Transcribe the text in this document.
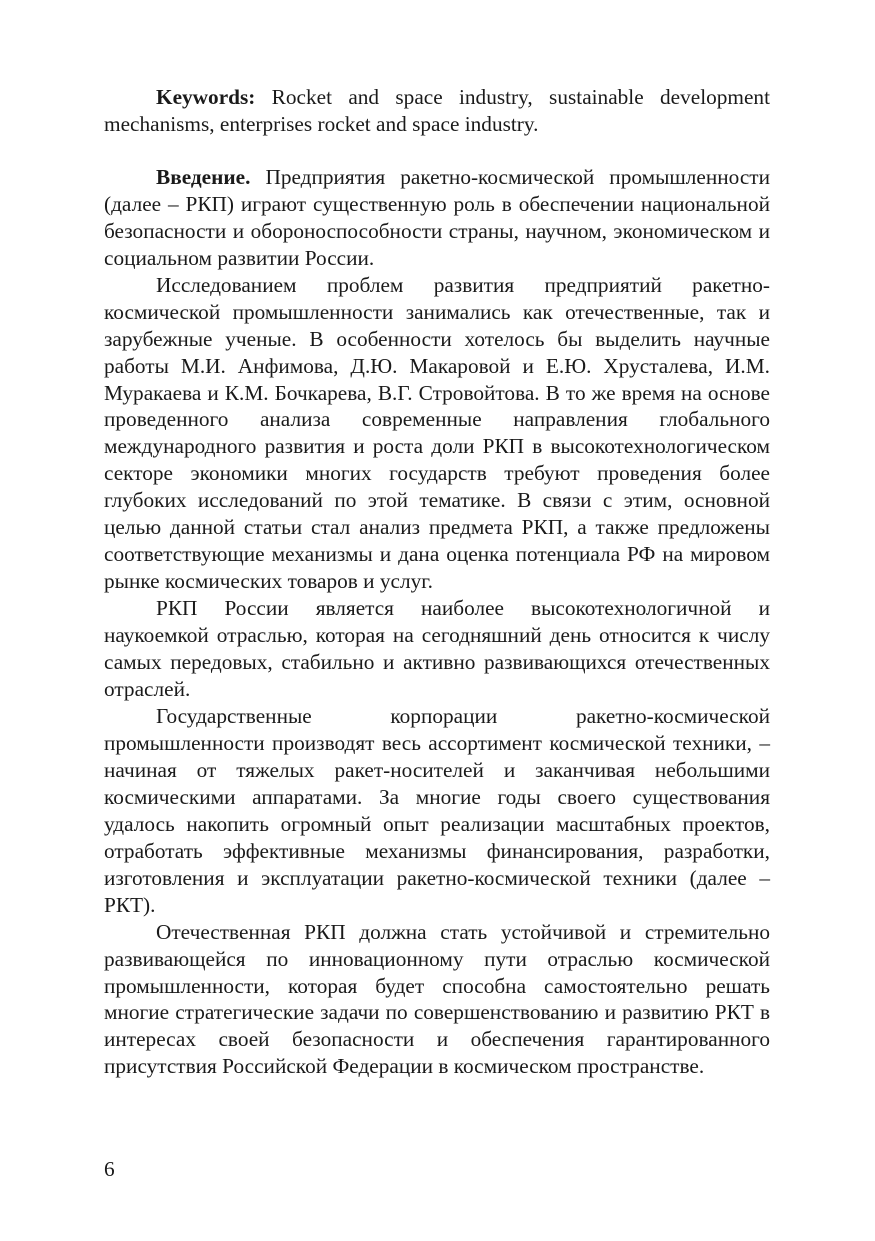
Keywords: Rocket and space industry, sustainable development mechanisms, enterprises rocket and space industry.

Введение. Предприятия ракетно-космической промышленности (далее – РКП) играют существенную роль в обеспечении национальной безопасности и обороноспособности страны, научном, экономическом и социальном развитии России.

Исследованием проблем развития предприятий ракетно-космической промышленности занимались как отечественные, так и зарубежные ученые. В особенности хотелось бы выделить научные работы М.И. Анфимова, Д.Ю. Макаровой и Е.Ю. Хрусталева, И.М. Муракаева и К.М. Бочкарева, В.Г. Стровойтова. В то же время на основе проведенного анализа современные направления глобального международного развития и роста доли РКП в высокотехнологическом секторе экономики многих государств требуют проведения более глубоких исследований по этой тематике. В связи с этим, основной целью данной статьи стал анализ предмета РКП, а также предложены соответствующие механизмы и дана оценка потенциала РФ на мировом рынке космических товаров и услуг.

РКП России является наиболее высокотехнологичной и наукоемкой отраслью, которая на сегодняшний день относится к числу самых передовых, стабильно и активно развивающихся отечественных отраслей.

Государственные корпорации ракетно-космической промышленности производят весь ассортимент космической техники, – начиная от тяжелых ракет-носителей и заканчивая небольшими космическими аппаратами. За многие годы своего существования удалось накопить огромный опыт реализации масштабных проектов, отработать эффективные механизмы финансирования, разработки, изготовления и эксплуатации ракетно-космической техники (далее – РКТ).

Отечественная РКП должна стать устойчивой и стремительно развивающейся по инновационному пути отраслью космической промышленности, которая будет способна самостоятельно решать многие стратегические задачи по совершенствованию и развитию РКТ в интересах своей безопасности и обеспечения гарантированного присутствия Российской Федерации в космическом пространстве.

6
